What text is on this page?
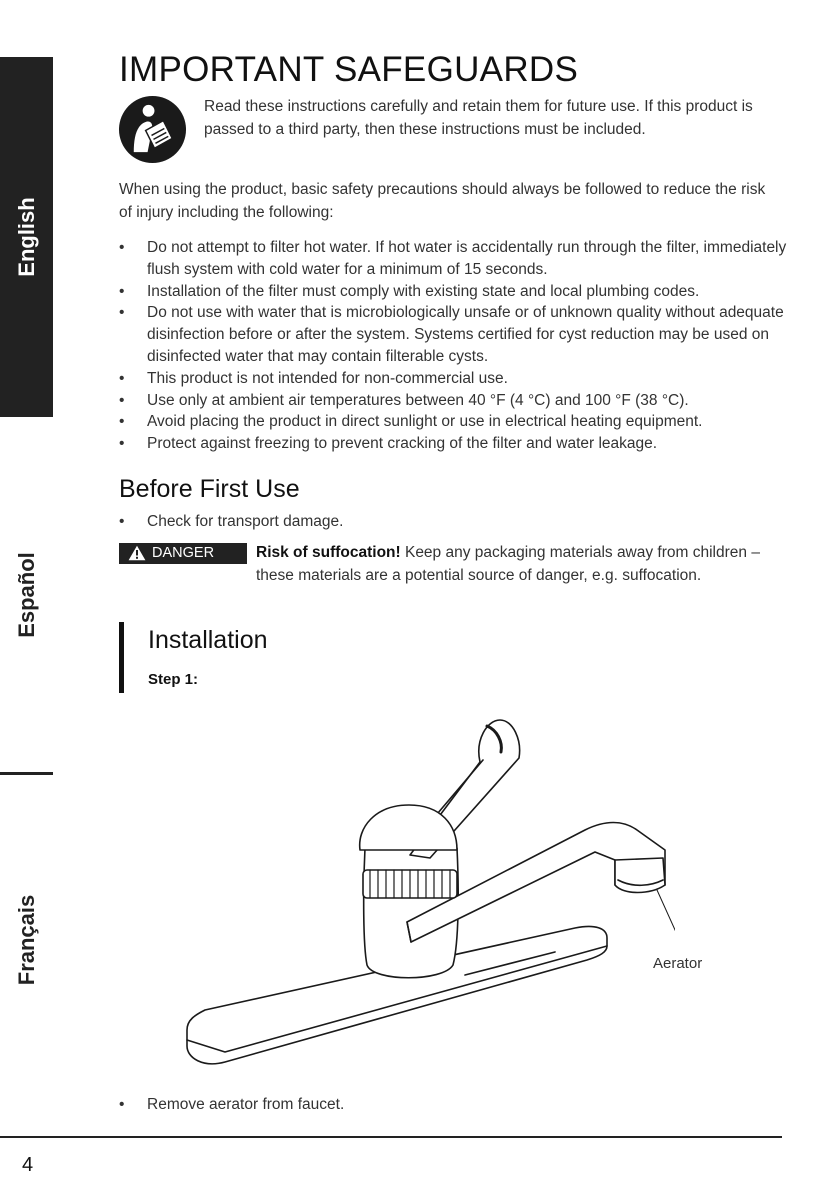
English
Español
Français
IMPORTANT SAFEGUARDS

Read these instructions carefully and retain them for future use. If this product is passed to a third party, then these instructions must be included.

When using the product, basic safety precautions should always be followed to reduce the risk of injury including the following:

• Do not attempt to filter hot water. If hot water is accidentally run through the filter, immediately flush system with cold water for a minimum of 15 seconds.
• Installation of the filter must comply with existing state and local plumbing codes.
• Do not use with water that is microbiologically unsafe or of unknown quality without adequate disinfection before or after the system. Systems certified for cyst reduction may be used on disinfected water that may contain filterable cysts.
• This product is not intended for non-commercial use.
• Use only at ambient air temperatures between 40 °F (4 °C) and 100 °F (38 °C).
• Avoid placing the product in direct sunlight or use in electrical heating equipment.
• Protect against freezing to prevent cracking of the filter and water leakage.
Before First Use
• Check for transport damage.
DANGER	Risk of suffocation! Keep any packaging materials away from children – these materials are a potential source of danger, e.g. suffocation.

Installation

Step 1:

Aerator
• Remove aerator from faucet.
4
